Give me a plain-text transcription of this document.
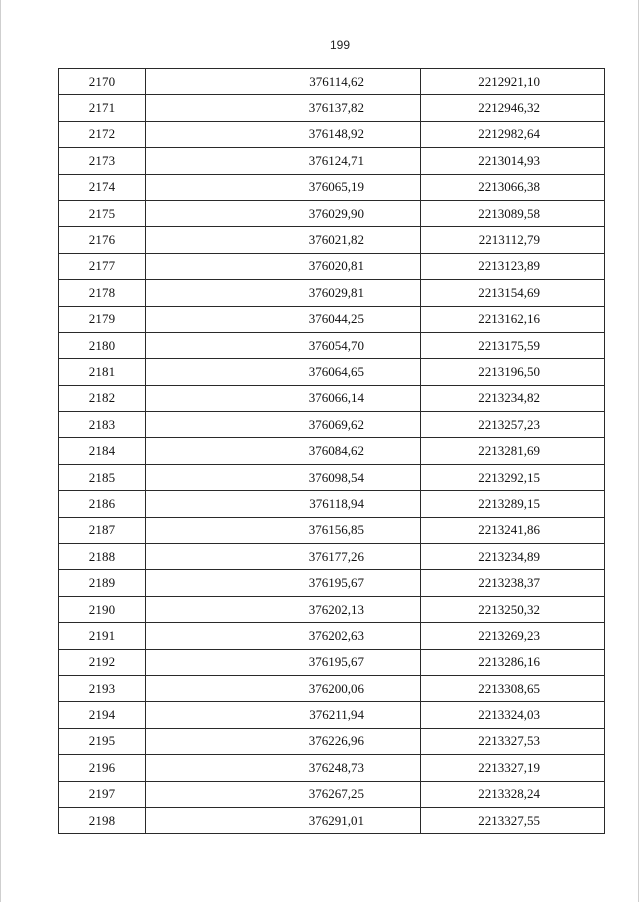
199
2170	376114,62	2212921,10
2171	376137,82	2212946,32
2172	376148,92	2212982,64
2173	376124,71	2213014,93
2174	376065,19	2213066,38
2175	376029,90	2213089,58
2176	376021,82	2213112,79
2177	376020,81	2213123,89
2178	376029,81	2213154,69
2179	376044,25	2213162,16
2180	376054,70	2213175,59
2181	376064,65	2213196,50
2182	376066,14	2213234,82
2183	376069,62	2213257,23
2184	376084,62	2213281,69
2185	376098,54	2213292,15
2186	376118,94	2213289,15
2187	376156,85	2213241,86
2188	376177,26	2213234,89
2189	376195,67	2213238,37
2190	376202,13	2213250,32
2191	376202,63	2213269,23
2192	376195,67	2213286,16
2193	376200,06	2213308,65
2194	376211,94	2213324,03
2195	376226,96	2213327,53
2196	376248,73	2213327,19
2197	376267,25	2213328,24
2198	376291,01	2213327,55
